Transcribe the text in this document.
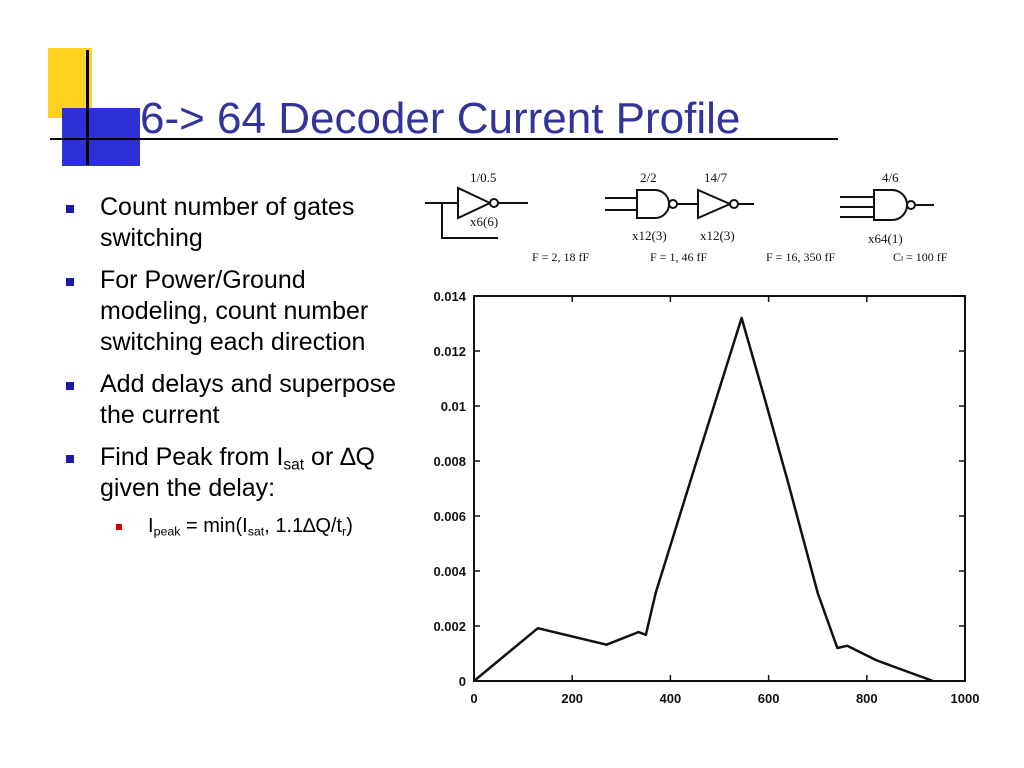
6-> 64 Decoder Current Profile
Count number of gates switching
For Power/Ground modeling, count number switching each direction
Add delays and superpose the current
Find Peak from $I_{sat}$ or ∆Q given the delay:
$I_{peak} = \min(I_{sat}$, $1.1\Delta Q/t_r$)
1/0.5
x6(6)
F = 2, 18 fF
2/2
x12(3)
F = 1, 46 fF
14/7
x12(3)
F = 16, 350 fF
4/6
x64(1)
Cₗ = 100 fF
0	200	400	600	800	1000
0
0.002
0.004
0.006
0.008
0.01
0.012
0.014
